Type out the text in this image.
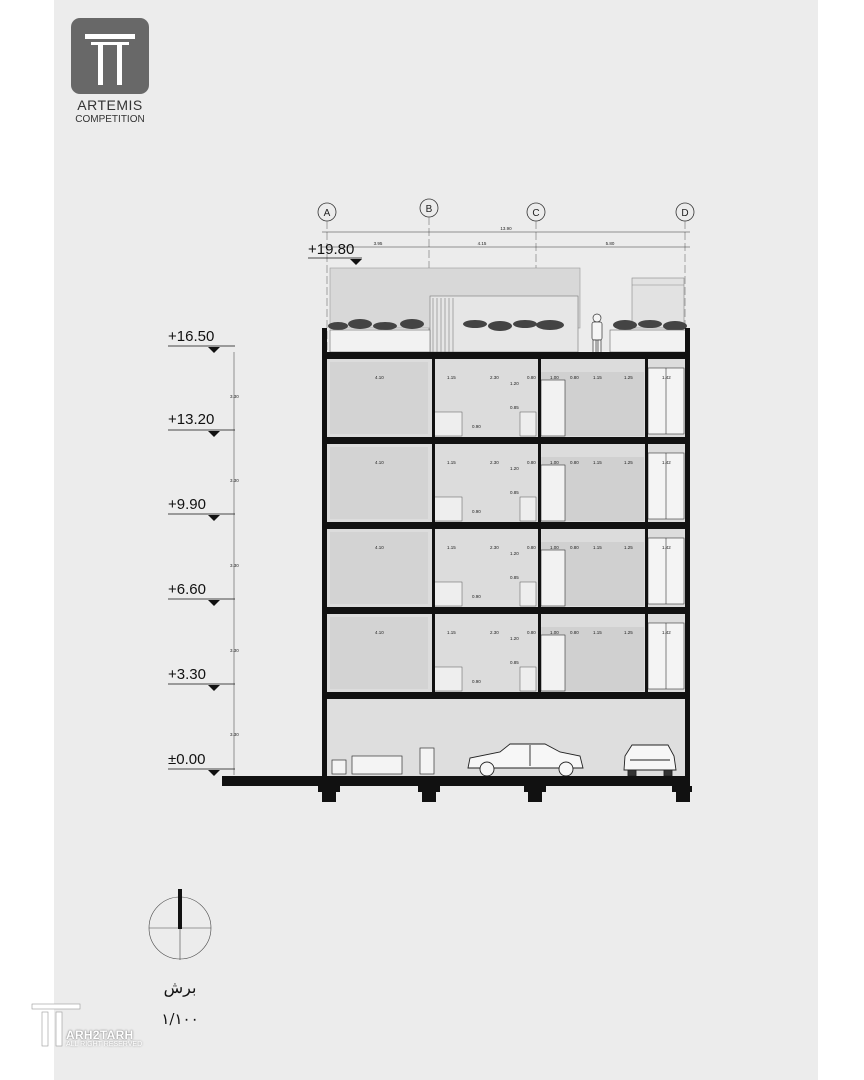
ARTEMIS
COMPETITION
A	B	C	D
13.90
3.95	4.15	5.80
+19.80
+16.50
+13.20
+9.90
+6.60
+3.30
±0.00
3.30
3.30
3.30
3.30
3.30
4.10	1.15	2.30
1.20
0.80	1.00 0.80	1.15	1.25	1.42
0.85
0.90
4.10	1.15	2.30
1.20
0.80	1.00 0.80	1.15	1.25	1.42
0.85
0.90
4.10	1.15	2.30
1.20
0.80	1.00 0.80	1.15	1.25	1.42
0.85
0.90
4.10	1.15	2.30
1.20
0.80	1.00 0.80	1.15	1.25	1.42
0.85
0.90
برش
۱/۱۰۰
ARH2TARH
ALL RIGHT RESERVED
